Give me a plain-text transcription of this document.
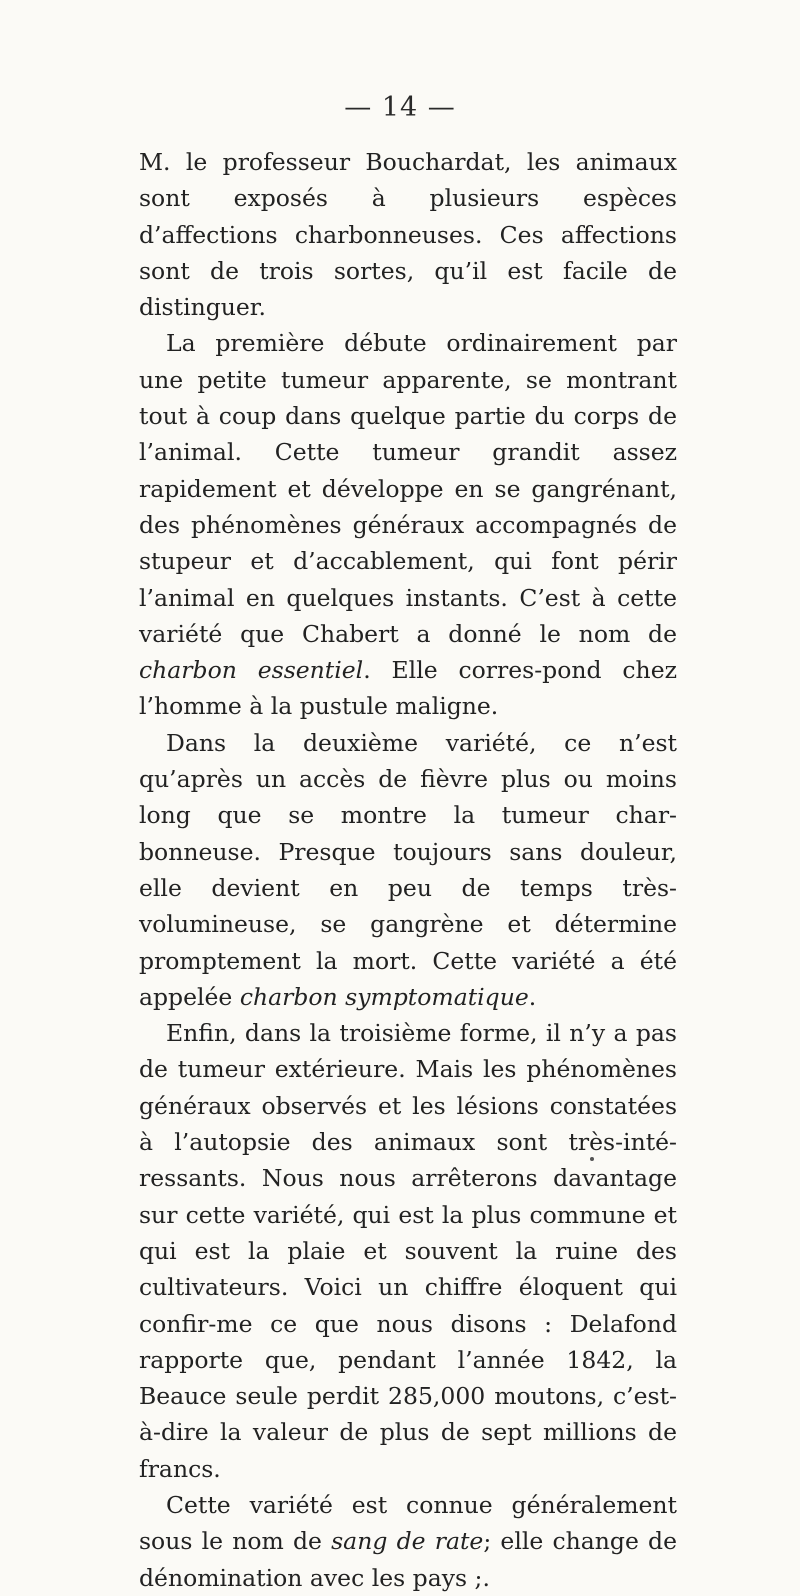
— 14 —

M. le professeur Bouchardat, les animaux sont exposés à plusieurs espèces d’affections charbonneuses. Ces affections sont de trois sortes, qu’il est facile de distinguer.

La première débute ordinairement par une petite tumeur apparente, se montrant tout à coup dans quelque partie du corps de l’animal. Cette tumeur grandit assez rapidement et développe en se gangrénant, des phénomènes généraux accompagnés de stupeur et d’accablement, qui font périr l’animal en quelques instants. C’est à cette variété que Chabert a donné le nom de charbon essentiel. Elle corres-pond chez l’homme à la pustule maligne.

Dans la deuxième variété, ce n’est qu’après un accès de fièvre plus ou moins long que se montre la tumeur char-bonneuse. Presque toujours sans douleur, elle devient en peu de temps très-volumineuse, se gangrène et détermine promptement la mort. Cette variété a été appelée charbon symptomatique.

Enfin, dans la troisième forme, il n’y a pas de tumeur extérieure. Mais les phénomènes généraux observés et les lésions constatées à l’autopsie des animaux sont très-inté-ressants. Nous nous arrêterons davantage sur cette variété, qui est la plus commune et qui est la plaie et souvent la ruine des cultivateurs. Voici un chiffre éloquent qui confir-me ce que nous disons : Delafond rapporte que, pendant l’année 1842, la Beauce seule perdit 285,000 moutons, c’est-à-dire la valeur de plus de sept millions de francs.

Cette variété est connue généralement sous le nom de sang de rate; elle change de dénomination avec les pays ;.
